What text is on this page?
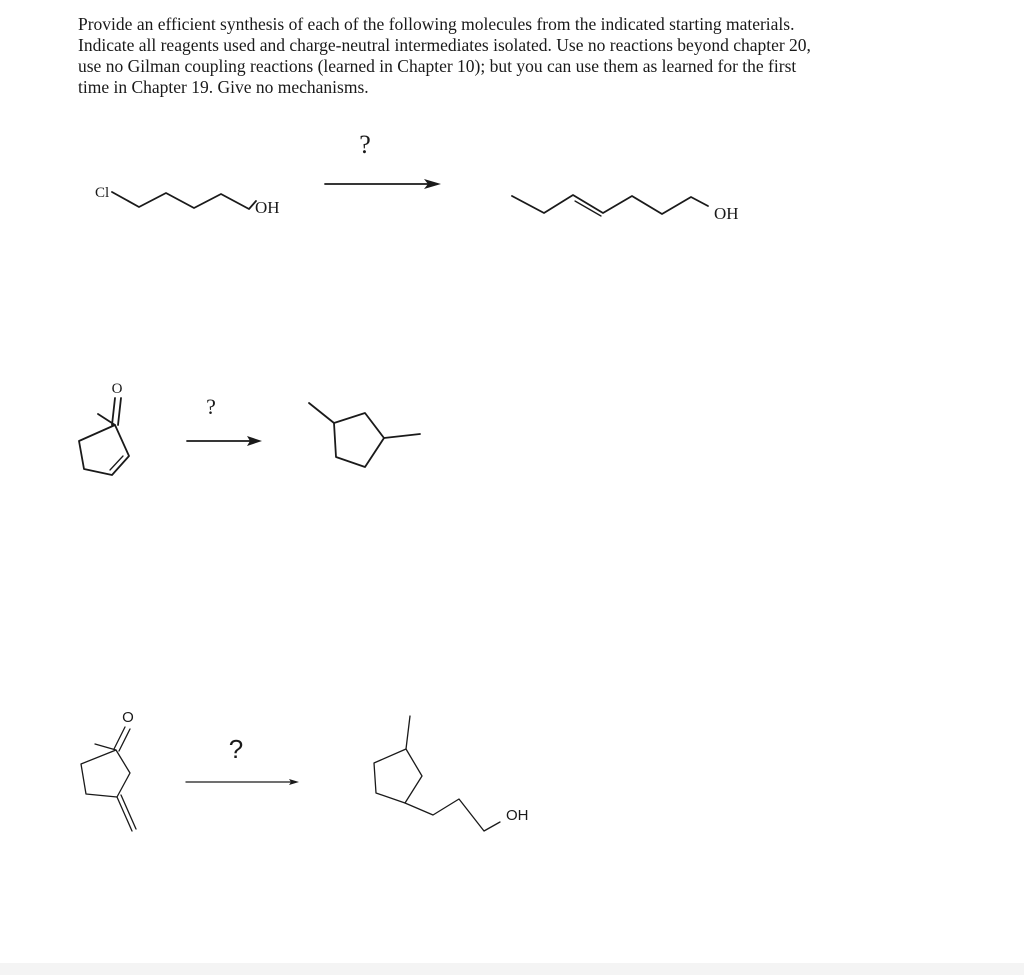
Provide an efficient synthesis of each of the following molecules from the indicated starting materials.

Indicate all reagents used and charge-neutral intermediates isolated. Use no reactions beyond chapter 20,

use no Gilman coupling reactions (learned in Chapter 10); but you can use them as learned for the first

time in Chapter 19. Give no mechanisms.

?
Cl
OH	OH
O
?
O
?
OH
